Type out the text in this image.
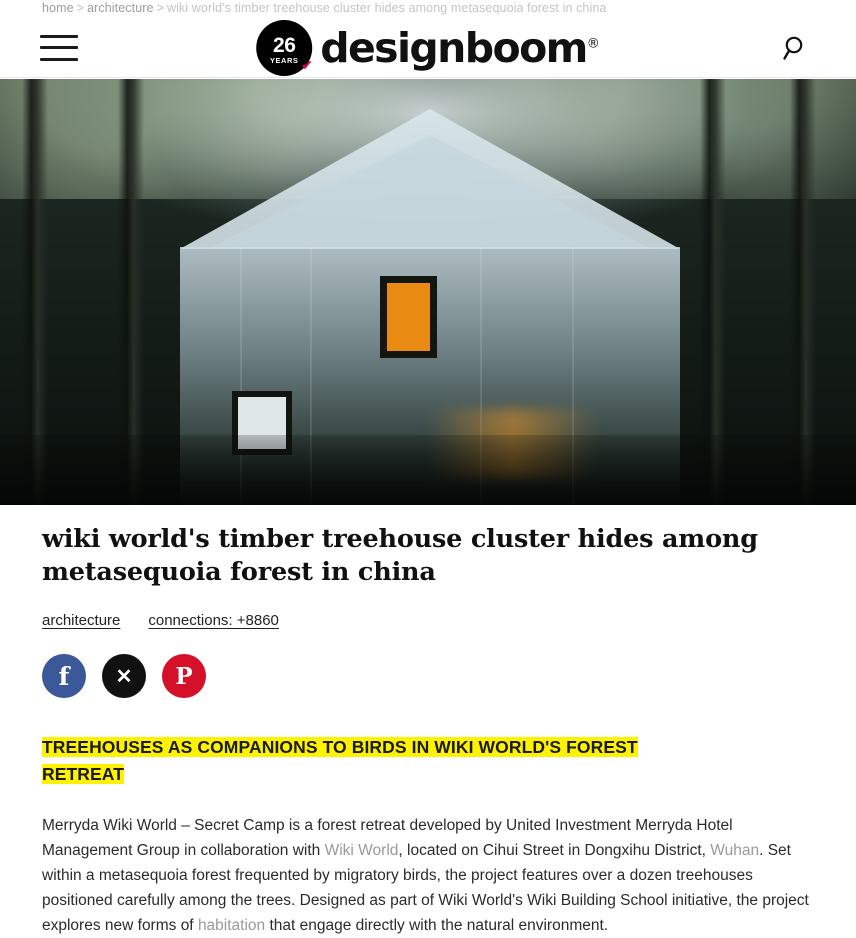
home > architecture > wiki world's timber treehouse cluster hides among metasequoia forest in china
26
YEARS ✔ designboom®
wiki world's timber treehouse cluster hides among metasequoia forest in china
architecture connections: +8860
f	✕	P
TREEHOUSES AS COMPANIONS TO BIRDS IN WIKI WORLD'S FOREST
RETREAT

Merryda Wiki World – Secret Camp is a forest retreat developed by United Investment Merryda Hotel Management Group in collaboration with Wiki World, located on Cihui Street in Dongxihu District, Wuhan. Set within a metasequoia forest frequented by migratory birds, the project features over a dozen treehouses positioned carefully among the trees. Designed as part of Wiki World's Wiki Building School initiative, the project explores new forms of habitation that engage directly with the natural environment.
